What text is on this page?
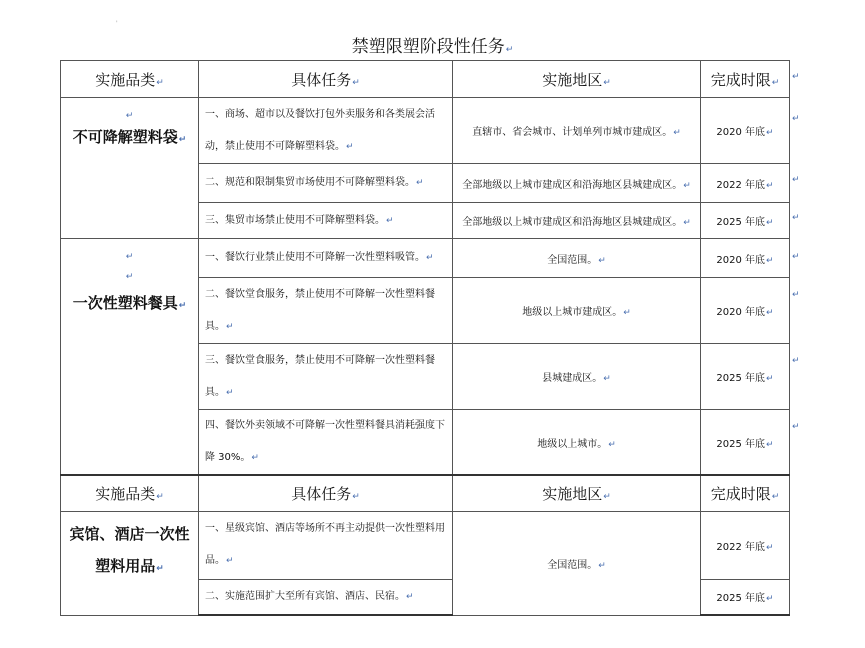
'
禁塑限塑阶段性任务↵
实施品类↵	具体任务↵	实施地区↵	完成时限↵

↵
不可降解塑料袋↵	一、商场、超市以及餐饮打包外卖服务和各类展会活动，禁止使用不可降解塑料袋。↵	直辖市、省会城市、计划单列市城市建成区。↵	2020 年底↵
	二、规范和限制集贸市场使用不可降解塑料袋。↵	全部地级以上城市建成区和沿海地区县城建成区。↵	2022 年底↵
	三、集贸市场禁止使用不可降解塑料袋。↵	全部地级以上城市建成区和沿海地区县城建成区。↵	2025 年底↵

↵
↵
一次性塑料餐具↵	一、餐饮行业禁止使用不可降解一次性塑料吸管。↵	全国范围。↵	2020 年底↵
	二、餐饮堂食服务，禁止使用不可降解一次性塑料餐具。↵	地级以上城市建成区。↵	2020 年底↵
	三、餐饮堂食服务，禁止使用不可降解一次性塑料餐具。↵	县城建成区。↵	2025 年底↵
	四、餐饮外卖领域不可降解一次性塑料餐具消耗强度下降 30%。↵	地级以上城市。↵	2025 年底↵
实施品类↵	具体任务↵	实施地区↵	完成时限↵
宾馆、酒店一次性塑料用品↵	一、星级宾馆、酒店等场所不再主动提供一次性塑料用品。↵	全国范围。↵	2022 年底↵
	二、实施范围扩大至所有宾馆、酒店、民宿。↵		2025 年底↵
↵
↵
↵
↵
↵
↵
↵
↵
